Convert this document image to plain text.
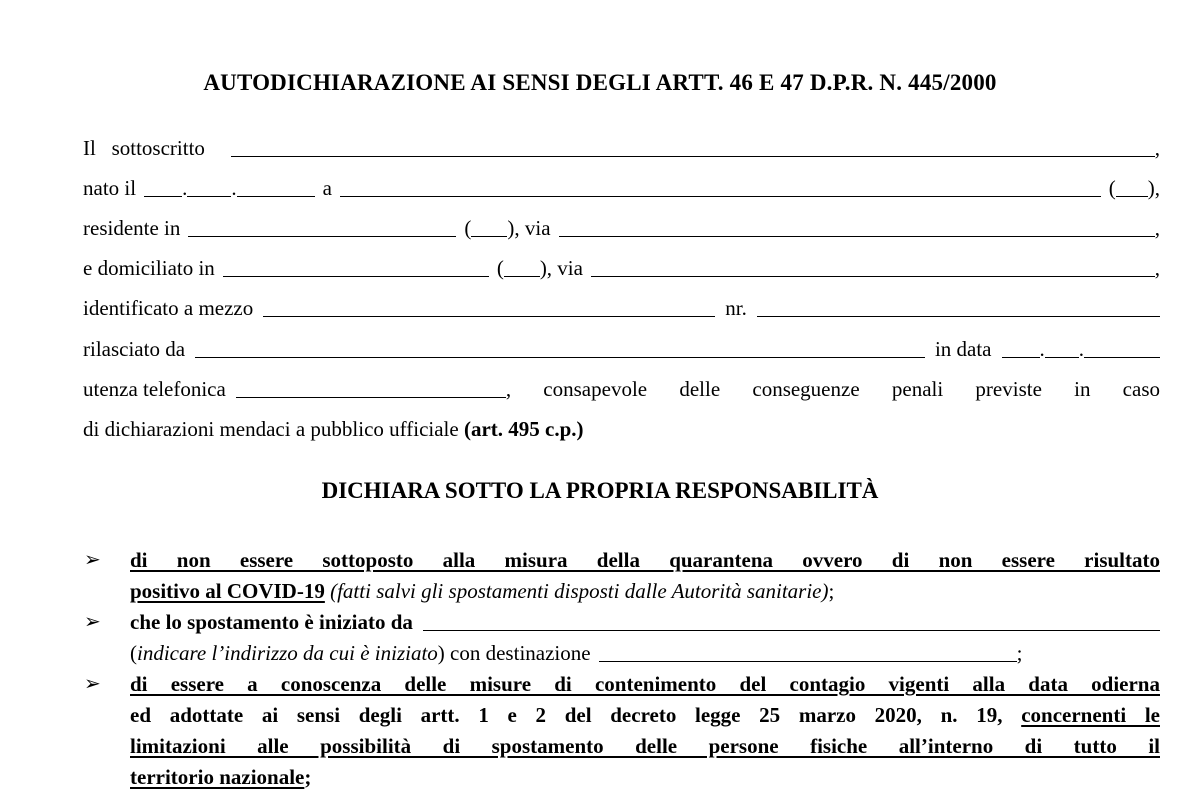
AUTODICHIARAZIONE AI SENSI DEGLI ARTT. 46 E 47 D.P.R. N. 445/2000
Il   sottoscritto	,
nato il . .	a	( ),
residente in	( ), via	,
e domiciliato in	( ), via	,
identificato a mezzo	nr.
rilasciato da	in data . .
utenza telefonica	, consapevole delle conseguenze penali previste in caso
di dichiarazioni mendaci a pubblico ufficiale (art. 495 c.p.)
DICHIARA SOTTO LA PROPRIA RESPONSABILITÀ
➢ di non essere sottoposto alla misura della quarantena ovvero di non essere risultato
positivo al COVID-19 (fatti salvi gli spostamenti disposti dalle Autorità sanitarie);
➢ che lo spostamento è iniziato da
( indicare l’indirizzo da cui è iniziato ) con destinazione	;
➢ di essere a conoscenza delle misure di contenimento del contagio vigenti alla data odierna
ed adottate ai sensi degli artt. 1 e 2 del decreto legge 25 marzo 2020, n. 19, concernenti le
limitazioni alle possibilità di spostamento delle persone fisiche all’interno di tutto il
territorio nazionale;
